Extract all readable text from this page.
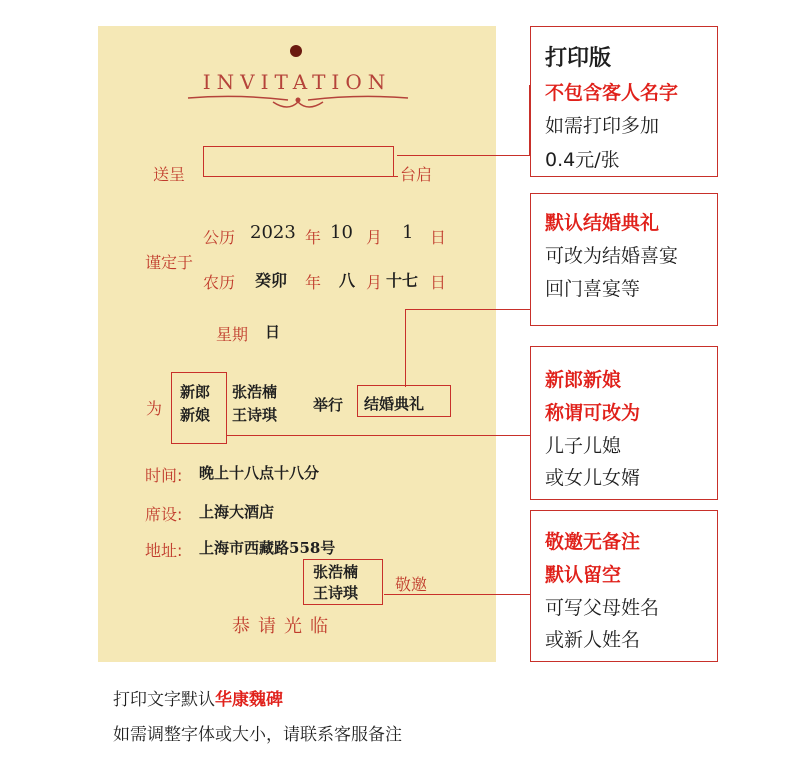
INVITATION
送呈	台启
公历 2023 年 10 月 1 日
谨定于
农历 癸卯 年 八 月 十七 日
星期 日
为
新郎
新娘
张浩楠
王诗琪
举行 结婚典礼
时间: 晚上十八点十八分
席设: 上海大酒店
地址: 上海市西藏路558号
张浩楠
王诗琪 敬邀
恭请光临
打印版
不包含客人名字
如需打印多加
0.4元/张
默认结婚典礼
可改为结婚喜宴
回门喜宴等
新郎新娘
称谓可改为
儿子儿媳
或女儿女婿
敬邀无备注
默认留空
可写父母姓名
或新人姓名
打印文字默认华康魏碑
如需调整字体或大小，请联系客服备注
